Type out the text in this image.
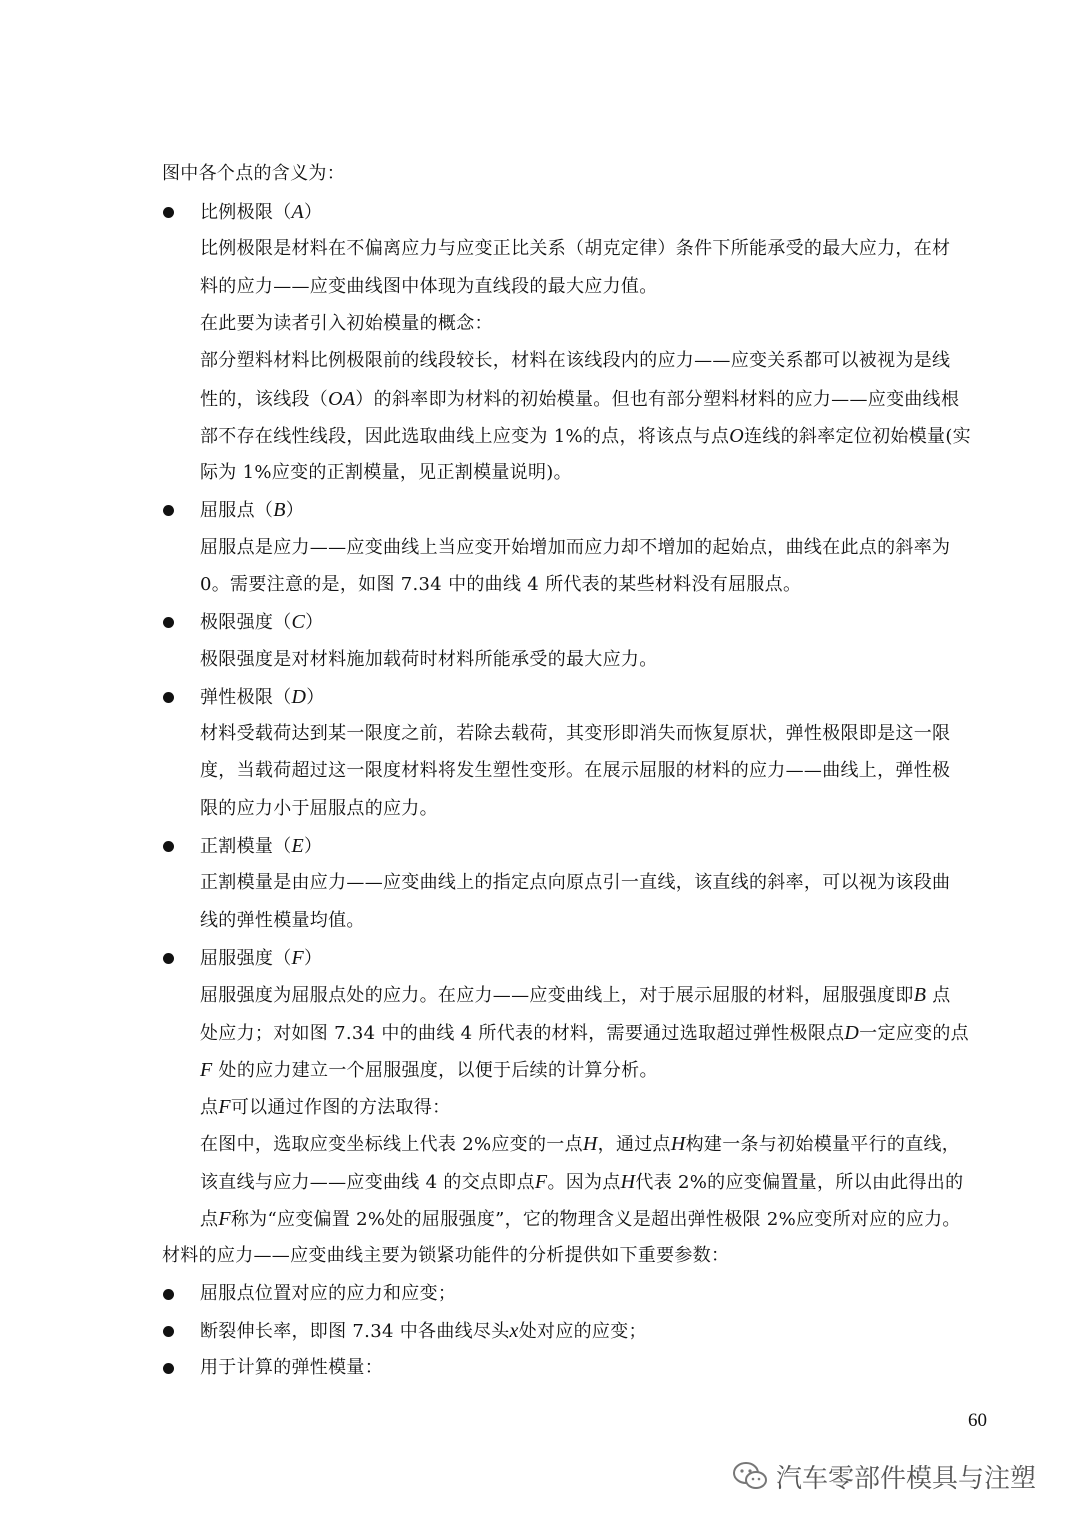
图中各个点的含义为：
比例极限（A）
比例极限是材料在不偏离应力与应变正比关系（胡克定律）条件下所能承受的最大应力，在材
料的应力——应变曲线图中体现为直线段的最大应力值。
在此要为读者引入初始模量的概念：
部分塑料材料比例极限前的线段较长，材料在该线段内的应力——应变关系都可以被视为是线
性的，该线段（OA）的斜率即为材料的初始模量。但也有部分塑料材料的应力——应变曲线根
部不存在线性线段，因此选取曲线上应变为 1%的点，将该点与点O连线的斜率定位初始模量(实
际为 1%应变的正割模量，见正割模量说明)。
屈服点（B）
屈服点是应力——应变曲线上当应变开始增加而应力却不增加的起始点，曲线在此点的斜率为
0。需要注意的是，如图 7.34 中的曲线 4 所代表的某些材料没有屈服点。
极限强度（C）
极限强度是对材料施加载荷时材料所能承受的最大应力。
弹性极限（D）
材料受载荷达到某一限度之前，若除去载荷，其变形即消失而恢复原状，弹性极限即是这一限
度，当载荷超过这一限度材料将发生塑性变形。在展示屈服的材料的应力——曲线上，弹性极
限的应力小于屈服点的应力。
正割模量（E）
正割模量是由应力——应变曲线上的指定点向原点引一直线，该直线的斜率，可以视为该段曲
线的弹性模量均值。
屈服强度（F）
屈服强度为屈服点处的应力。在应力——应变曲线上，对于展示屈服的材料，屈服强度即B 点
处应力；对如图 7.34 中的曲线 4 所代表的材料，需要通过选取超过弹性极限点D一定应变的点
F 处的应力建立一个屈服强度，以便于后续的计算分析。
点F可以通过作图的方法取得：
在图中，选取应变坐标线上代表 2%应变的一点H，通过点H构建一条与初始模量平行的直线，
该直线与应力——应变曲线 4 的交点即点F。因为点H代表 2%的应变偏置量，所以由此得出的
点F称为“应变偏置 2%处的屈服强度”，它的物理含义是超出弹性极限 2%应变所对应的应力。
材料的应力——应变曲线主要为锁紧功能件的分析提供如下重要参数：
屈服点位置对应的应力和应变；
断裂伸长率，即图 7.34 中各曲线尽头x处对应的应变；
用于计算的弹性模量：
60
汽车零部件模具与注塑
